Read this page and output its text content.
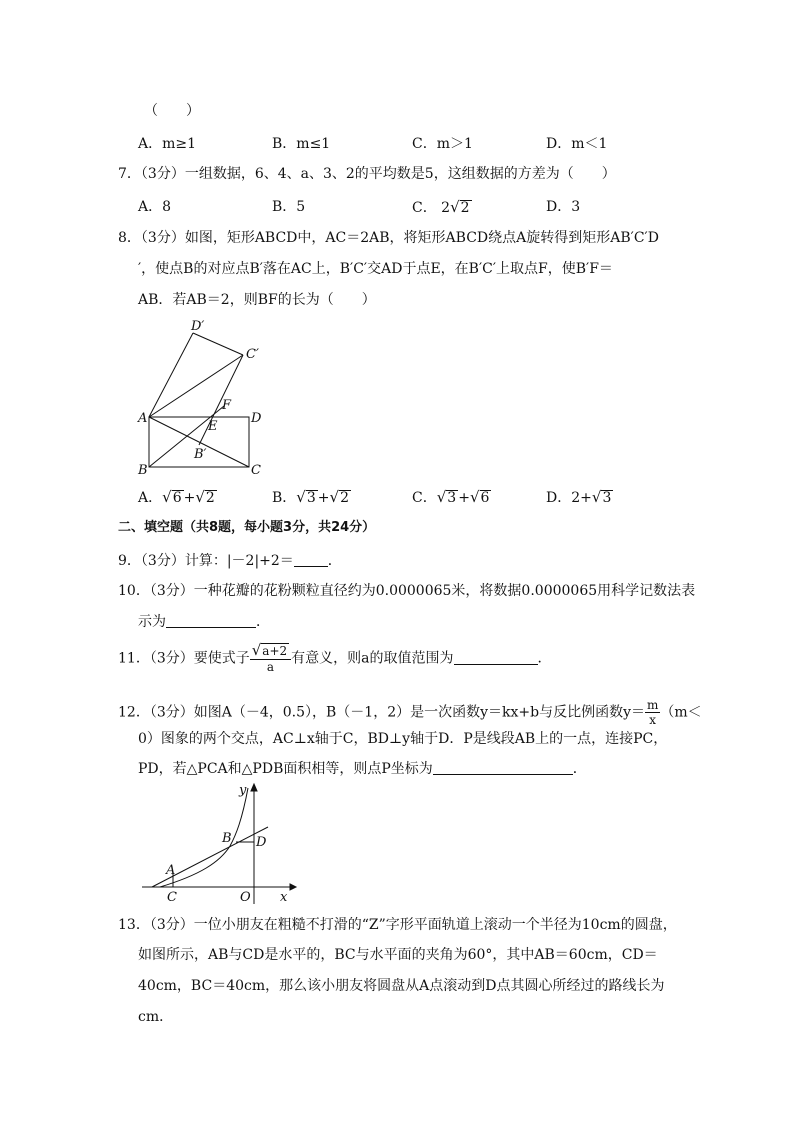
（　　）
A．m≥1	B．m≤1	C．m＞1	D．m＜1
7．（3分）一组数据，6、4、a、3、2的平均数是5，这组数据的方差为（　　）
A．8	B．5	C． 2√2	D．3
8．（3分）如图，矩形ABCD中，AC＝2AB，将矩形ABCD绕点A旋转得到矩形AB′C′D
′，使点B的对应点B′落在AC上，B′C′交AD于点E，在B′C′上取点F，使B′F＝
AB．若AB＝2，则BF的长为（　　）
D′
C′
A
F
D
E
B′
B	C
A．√6 +√2	B．√3 +√2	C．√3 +√6	D．2+√3
二、填空题（共8题，每小题3分，共24分）
9．（3分）计算：|－2|+2＝ ．
10．（3分）一种花瓣的花粉颗粒直径约为0.0000065米，将数据0.0000065用科学记数法表
示为	．
11．（3分）要使式子 $\frac{√a+2}{a}$ 有意义，则a的取值范围为	．
12．（3分）如图A（－4，0.5），B（－1，2）是一次函数y＝kx+b与反比例函数$y= \frac{m}{x} (m<$
0）图象的两个交点，AC⊥x轴于C，BD⊥y轴于D．P是线段AB上的一点，连接PC，
PD，若△PCA和△PDB面积相等，则点P坐标为	．
y
B D
A
C	O x
13．（3分）一位小朋友在粗糙不打滑的“Z”字形平面轨道上滚动一个半径为10cm的圆盘，
如图所示，AB与CD是水平的，BC与水平面的夹角为60°，其中AB＝60cm，CD＝
40cm，BC＝40cm，那么该小朋友将圆盘从A点滚动到D点其圆心所经过的路线长为
cm．
